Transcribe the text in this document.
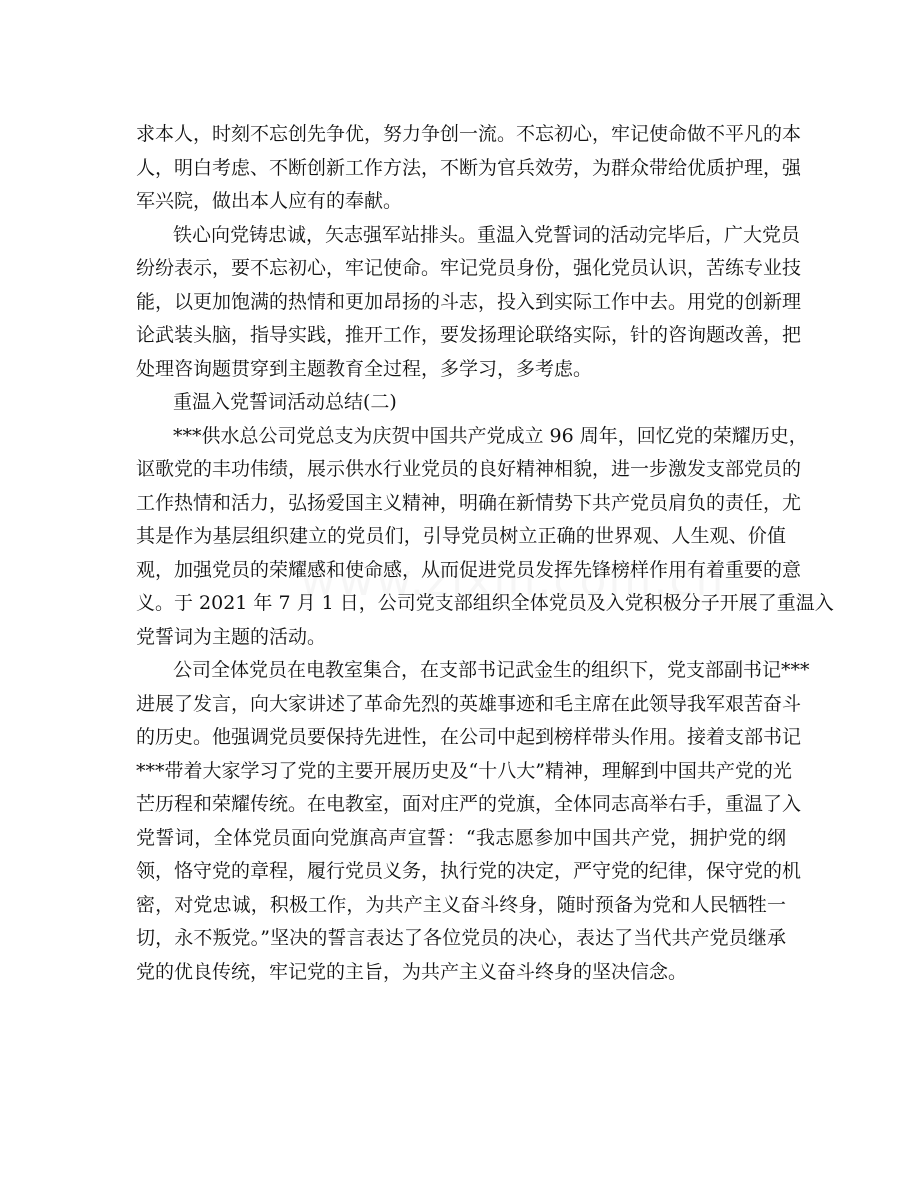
求本人，时刻不忘创先争优，努力争创一流。不忘初心，牢记使命做不平凡的本
人，明白考虑、不断创新工作方法，不断为官兵效劳，为群众带给优质护理，强
军兴院，做出本人应有的奉献。
铁心向党铸忠诚，矢志强军站排头。重温入党誓词的活动完毕后，广大党员
纷纷表示，要不忘初心，牢记使命。牢记党员身份，强化党员认识，苦练专业技
能，以更加饱满的热情和更加昂扬的斗志，投入到实际工作中去。用党的创新理
论武装头脑，指导实践，推开工作，要发扬理论联络实际，针的咨询题改善，把
处理咨询题贯穿到主题教育全过程，多学习，多考虑。
重温入党誓词活动总结(二)
***供水总公司党总支为庆贺中国共产党成立 96 周年，回忆党的荣耀历史，
讴歌党的丰功伟绩，展示供水行业党员的良好精神相貌，进一步激发支部党员的
工作热情和活力，弘扬爱国主义精神，明确在新情势下共产党员肩负的责任，尤
其是作为基层组织建立的党员们，引导党员树立正确的世界观、人生观、价值
观，加强党员的荣耀感和使命感，从而促进党员发挥先锋榜样作用有着重要的意
义。于 2021 年 7 月 1 日，公司党支部组织全体党员及入党积极分子开展了重温入
党誓词为主题的活动。
公司全体党员在电教室集合，在支部书记武金生的组织下，党支部副书记***
进展了发言，向大家讲述了革命先烈的英雄事迹和毛主席在此领导我军艰苦奋斗
的历史。他强调党员要保持先进性，在公司中起到榜样带头作用。接着支部书记
***带着大家学习了党的主要开展历史及“十八大”精神，理解到中国共产党的光
芒历程和荣耀传统。在电教室，面对庄严的党旗，全体同志高举右手，重温了入
党誓词，全体党员面向党旗高声宣誓：“我志愿参加中国共产党，拥护党的纲
领，恪守党的章程，履行党员义务，执行党的决定，严守党的纪律，保守党的机
密，对党忠诚，积极工作，为共产主义奋斗终身，随时预备为党和人民牺牲一
切，永不叛党。”坚决的誓言表达了各位党员的决心，表达了当代共产党员继承
党的优良传统，牢记党的主旨，为共产主义奋斗终身的坚决信念。
